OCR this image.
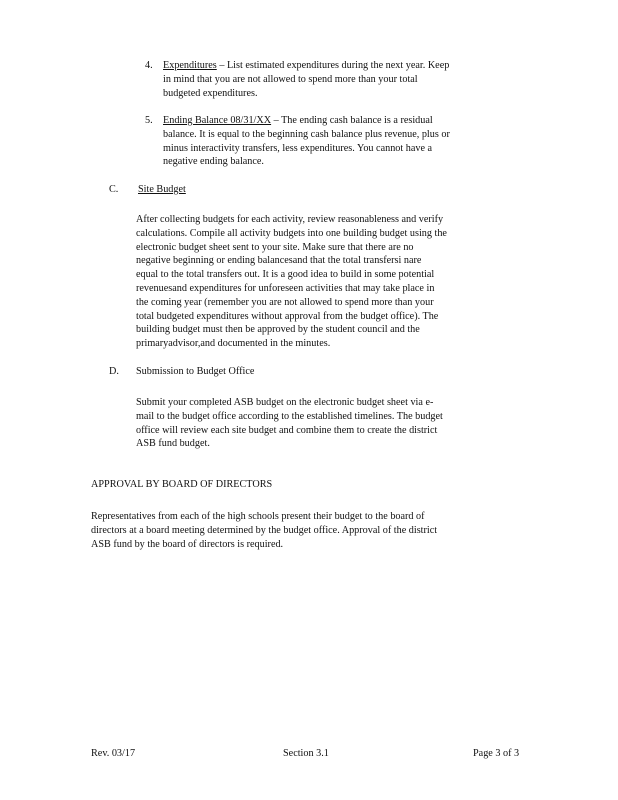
4. Expenditures – List estimated expenditures during the next year. Keep
in mind that you are not allowed to spend more than your total
budgeted expenditures.
5. Ending Balance 08/31/XX – The ending cash balance is a residual
balance. It is equal to the beginning cash balance plus revenue, plus or
minus interactivity transfers, less expenditures. You cannot have a
negative ending balance.
C. Site Budget
After collecting budgets for each activity, review reasonableness and verify
calculations. Compile all activity budgets into one building budget using the
electronic budget sheet sent to your site. Make sure that there are no
negative beginning or ending balancesand that the total transfersi nare
equal to the total transfers out. It is a good idea to build in some potential
revenuesand expenditures for unforeseen activities that may take place in
the coming year (remember you are not allowed to spend more than your
total budgeted expenditures without approval from the budget office). The
building budget must then be approved by the student council and the
primaryadvisor,and documented in the minutes.
D. Submission to Budget Office
Submit your completed ASB budget on the electronic budget sheet via e-
mail to the budget office according to the established timelines. The budget
office will review each site budget and combine them to create the district
ASB fund budget.
APPROVAL BY BOARD OF DIRECTORS
Representatives from each of the high schools present their budget to the board of
directors at a board meeting determined by the budget office. Approval of the district
ASB fund by the board of directors is required.
Rev. 03/17	Section 3.1	Page 3 of 3
